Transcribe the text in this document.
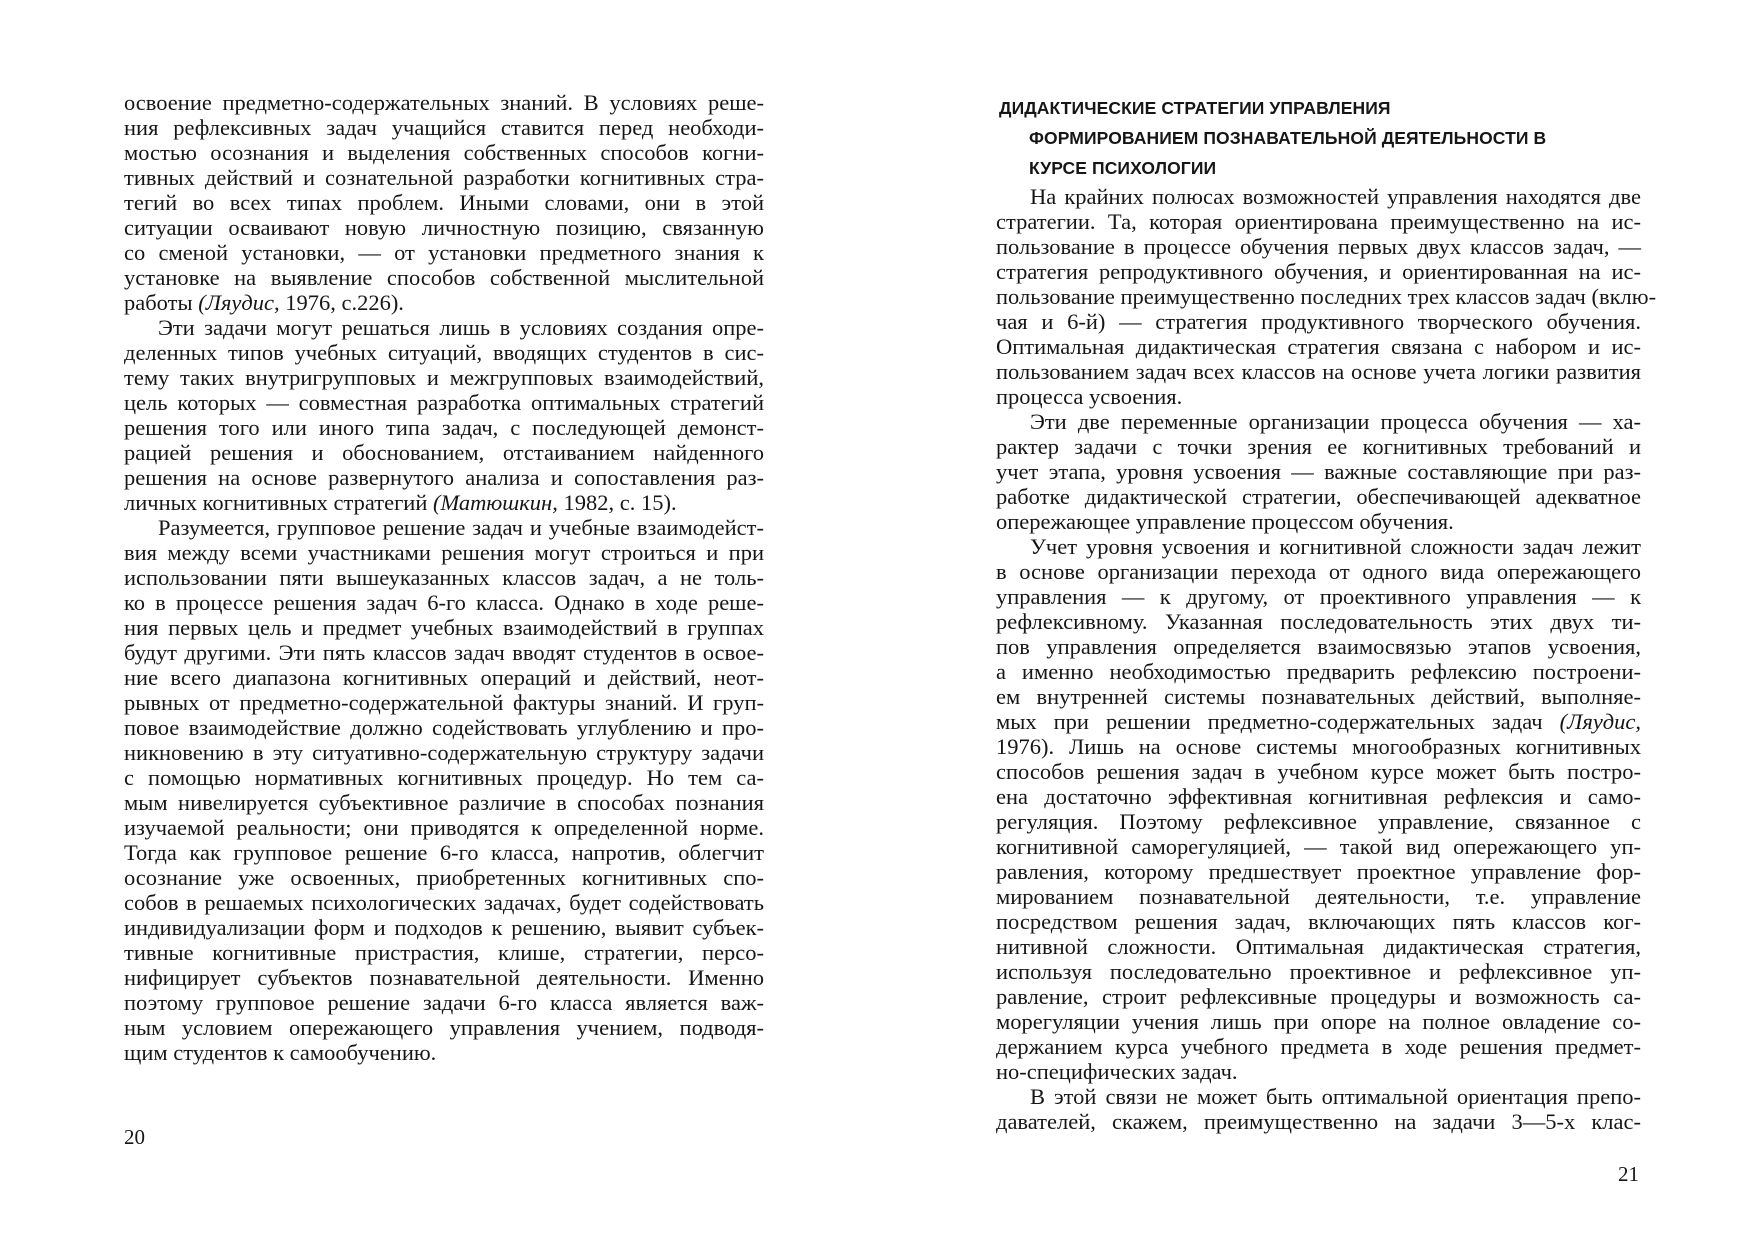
освоение предметно-содержательных знаний. В условиях реше-
ния рефлексивных задач учащийся ставится перед необходи-
мостью осознания и выделения собственных способов когни-
тивных действий и сознательной разработки когнитивных стра-
тегий во всех типах проблем. Иными словами, они в этой
ситуации осваивают новую личностную позицию, связанную
со сменой установки, — от установки предметного знания к
установке на выявление способов собственной мыслительной
работы (Ляудис, 1976, с.226).
Эти задачи могут решаться лишь в условиях создания опре-
деленных типов учебных ситуаций, вводящих студентов в сис-
тему таких внутригрупповых и межгрупповых взаимодействий,
цель которых — совместная разработка оптимальных стратегий
решения того или иного типа задач, с последующей демонст-
рацией решения и обоснованием, отстаиванием найденного
решения на основе развернутого анализа и сопоставления раз-
личных когнитивных стратегий (Матюшкин, 1982, с. 15).
Разумеется, групповое решение задач и учебные взаимодейст-
вия между всеми участниками решения могут строиться и при
использовании пяти вышеуказанных классов задач, а не толь-
ко в процессе решения задач 6-го класса. Однако в ходе реше-
ния первых цель и предмет учебных взаимодействий в группах
будут другими. Эти пять классов задач вводят студентов в освое-
ние всего диапазона когнитивных операций и действий, неот-
рывных от предметно-содержательной фактуры знаний. И груп-
повое взаимодействие должно содействовать углублению и про-
никновению в эту ситуативно-содержательную структуру задачи
с помощью нормативных когнитивных процедур. Но тем са-
мым нивелируется субъективное различие в способах познания
изучаемой реальности; они приводятся к определенной норме.
Тогда как групповое решение 6-го класса, напротив, облегчит
осознание уже освоенных, приобретенных когнитивных спо-
собов в решаемых психологических задачах, будет содействовать
индивидуализации форм и подходов к решению, выявит субъек-
тивные когнитивные пристрастия, клише, стратегии, персо-
нифицирует субъектов познавательной деятельности. Именно
поэтому групповое решение задачи 6-го класса является важ-
ным условием опережающего управления учением, подводя-
щим студентов к самообучению.
20
ДИДАКТИЧЕСКИЕ СТРАТЕГИИ УПРАВЛЕНИЯ
ФОРМИРОВАНИЕМ ПОЗНАВАТЕЛЬНОЙ ДЕЯТЕЛЬНОСТИ В
КУРСЕ ПСИХОЛОГИИ
На крайних полюсах возможностей управления находятся две
стратегии. Та, которая ориентирована преимущественно на ис-
пользование в процессе обучения первых двух классов задач, —
стратегия репродуктивного обучения, и ориентированная на ис-
пользование преимущественно последних трех классов задач (вклю-
чая и 6-й) — стратегия продуктивного творческого обучения.
Оптимальная дидактическая стратегия связана с набором и ис-
пользованием задач всех классов на основе учета логики развития
процесса усвоения.
Эти две переменные организации процесса обучения — ха-
рактер задачи с точки зрения ее когнитивных требований и
учет этапа, уровня усвоения — важные составляющие при раз-
работке дидактической стратегии, обеспечивающей адекватное
опережающее управление процессом обучения.
Учет уровня усвоения и когнитивной сложности задач лежит
в основе организации перехода от одного вида опережающего
управления — к другому, от проективного управления — к
рефлексивному. Указанная последовательность этих двух ти-
пов управления определяется взаимосвязью этапов усвоения,
а именно необходимостью предварить рефлексию построени-
ем внутренней системы познавательных действий, выполняе-
мых при решении предметно-содержательных задач (Ляудис,
1976). Лишь на основе системы многообразных когнитивных
способов решения задач в учебном курсе может быть постро-
ена достаточно эффективная когнитивная рефлексия и само-
регуляция. Поэтому рефлексивное управление, связанное с
когнитивной саморегуляцией, — такой вид опережающего уп-
равления, которому предшествует проектное управление фор-
мированием познавательной деятельности, т.е. управление
посредством решения задач, включающих пять классов ког-
нитивной сложности. Оптимальная дидактическая стратегия,
используя последовательно проективное и рефлексивное уп-
равление, строит рефлексивные процедуры и возможность са-
морегуляции учения лишь при опоре на полное овладение со-
держанием курса учебного предмета в ходе решения предмет-
но-специфических задач.
В этой связи не может быть оптимальной ориентация препо-
давателей, скажем, преимущественно на задачи 3—5-х клас-
21
